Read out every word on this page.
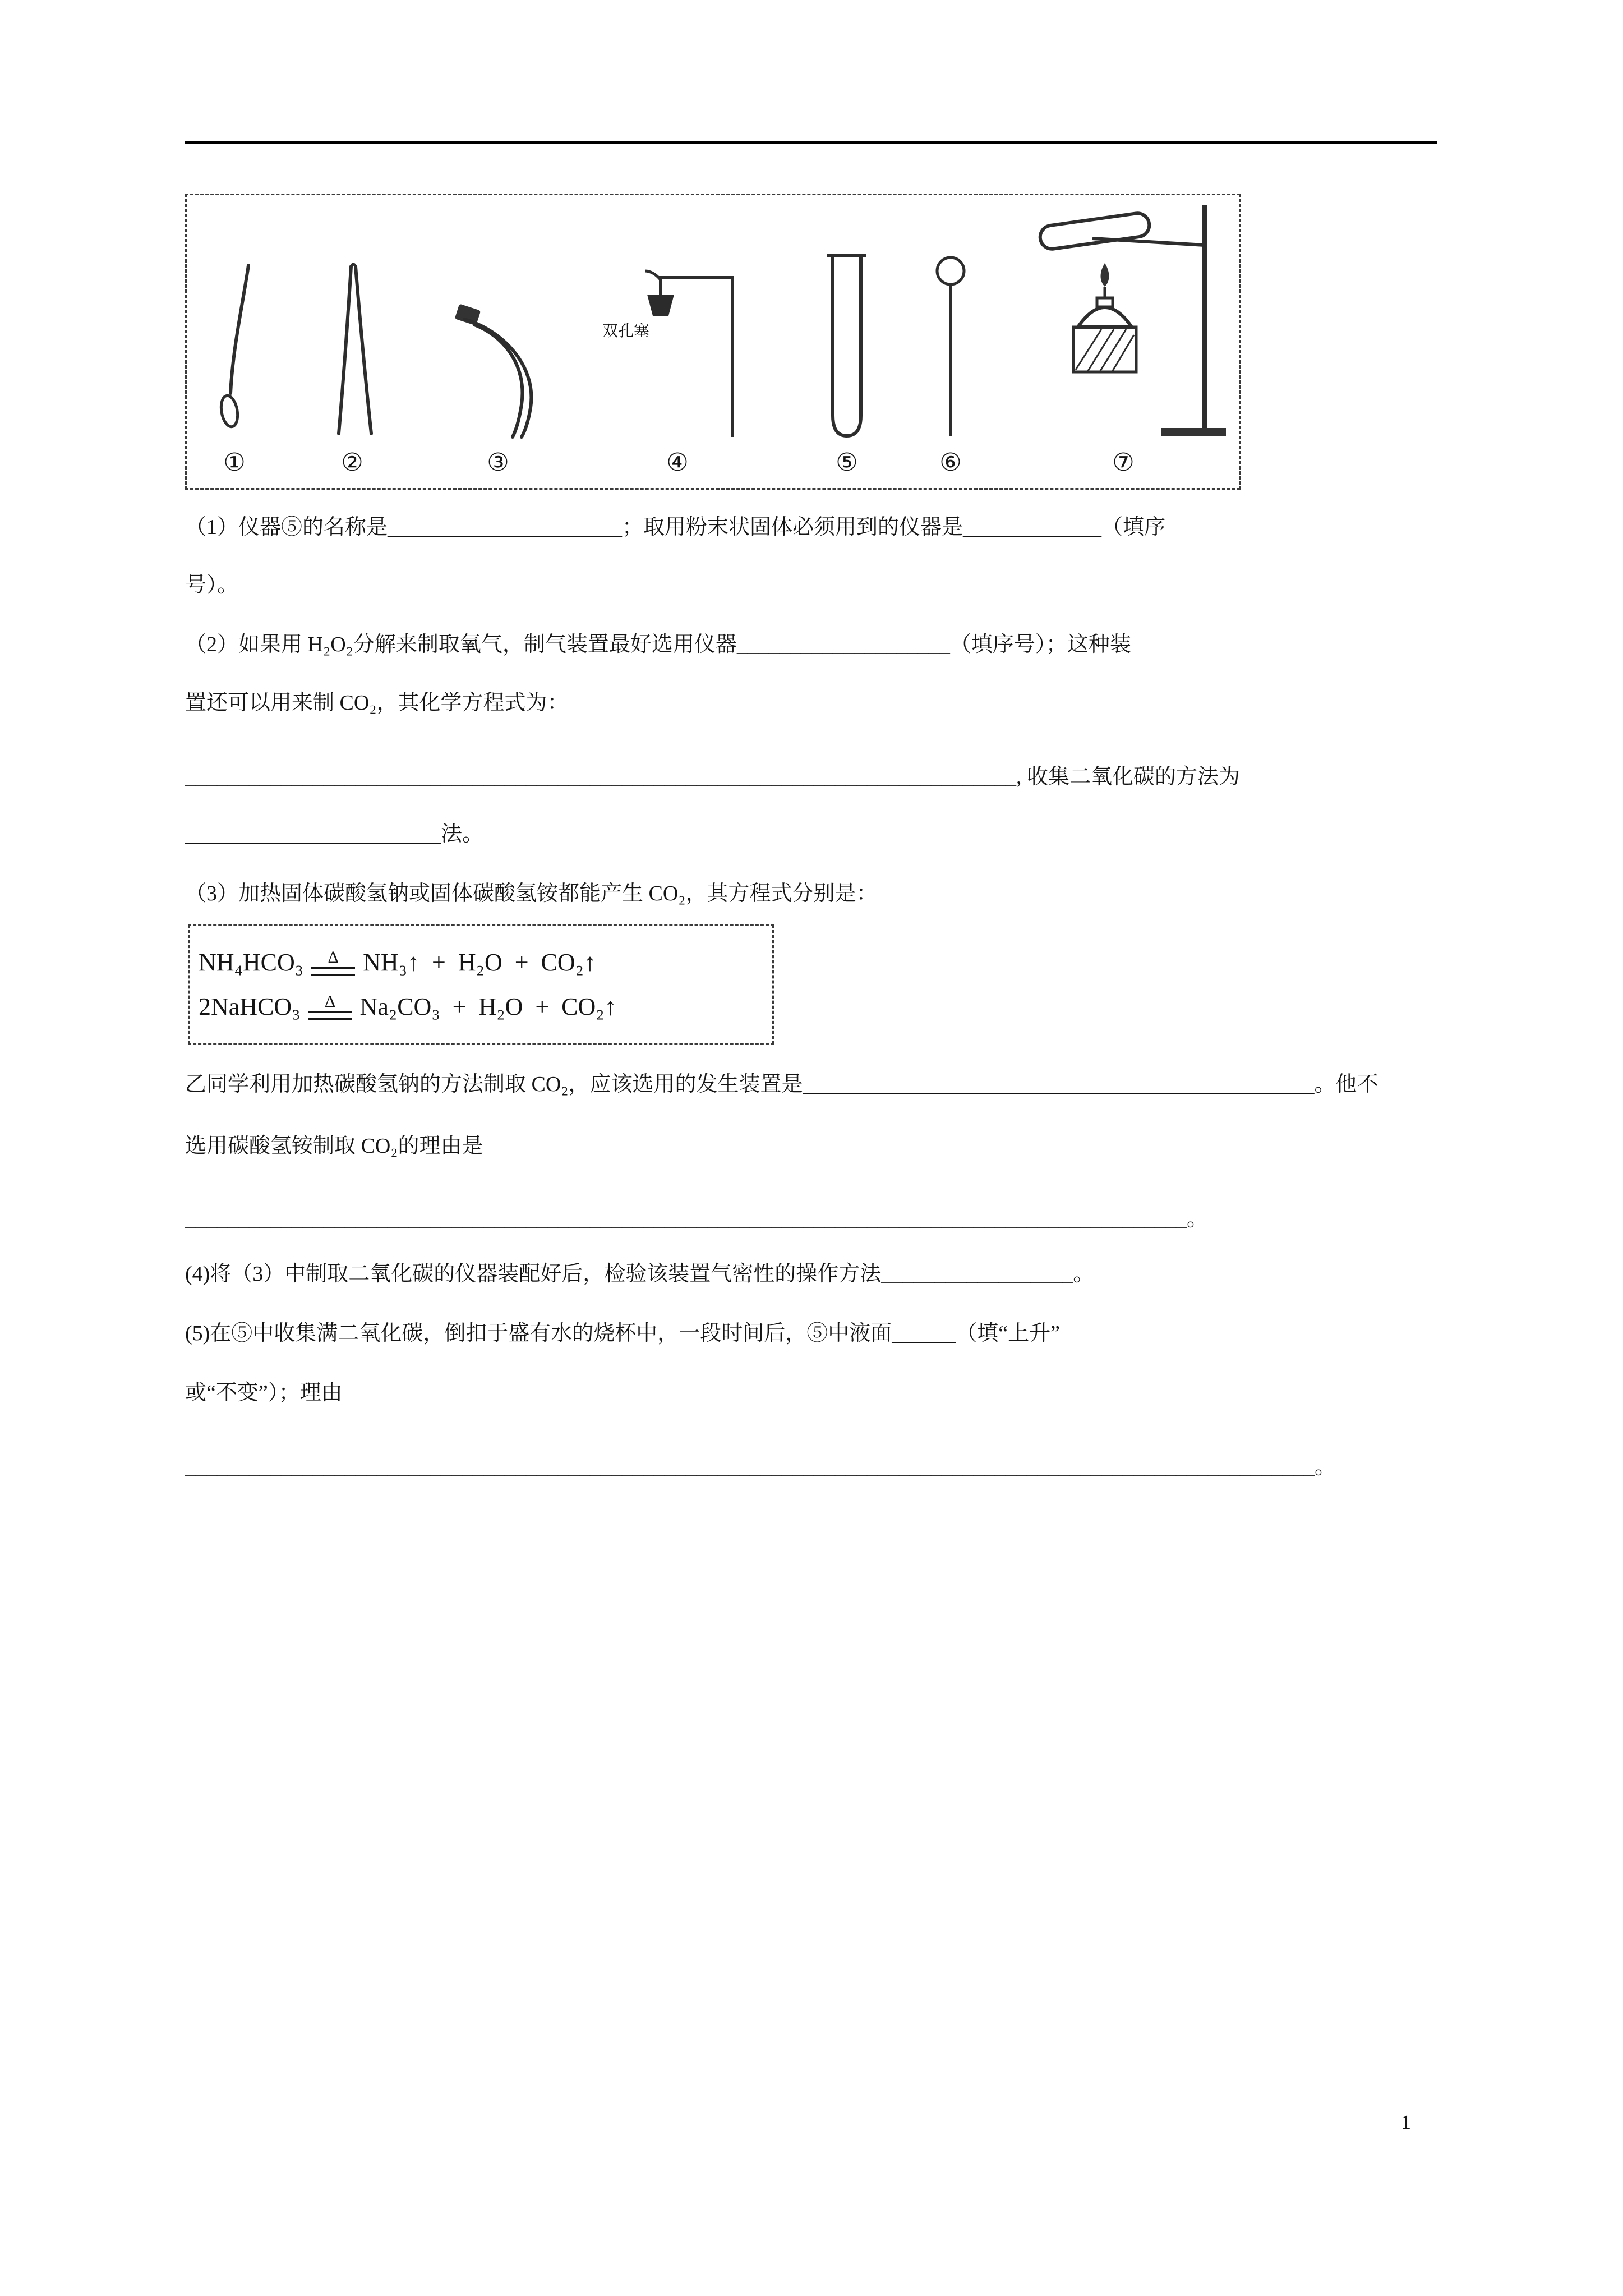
①	②	③
双孔塞
④	⑤	⑥	⑦
（1）仪器⑤的名称是______________________；取用粉末状固体必须用到的仪器是_____________（填序
号）。
（2）如果用 H₂O₂分解来制取氧气，制气装置最好选用仪器____________________（填序号）；这种装
置还可以用来制 CO₂，其化学方程式为：
______________________________________________________________________________, 收集二氧化碳的方法为
________________________法。
（3）加热固体碳酸氢钠或固体碳酸氢铵都能产生 CO₂，其方程式分别是：
NH₄HCO₃ Δ NH₃↑  +  H₂O  +  CO₂↑
2NaHCO₃ Δ Na₂CO₃  +  H₂O  +  CO₂↑
乙同学利用加热碳酸氢钠的方法制取 CO₂，应该选用的发生装置是________________________________________________。他不
选用碳酸氢铵制取 CO₂的理由是
______________________________________________________________________________________________。
(4)将（3）中制取二氧化碳的仪器装配好后，检验该装置气密性的操作方法__________________。
(5)在⑤中收集满二氧化碳，倒扣于盛有水的烧杯中，一段时间后，⑤中液面______（填“上升”
或“不变”）；理由
__________________________________________________________________________________________________________。
1
